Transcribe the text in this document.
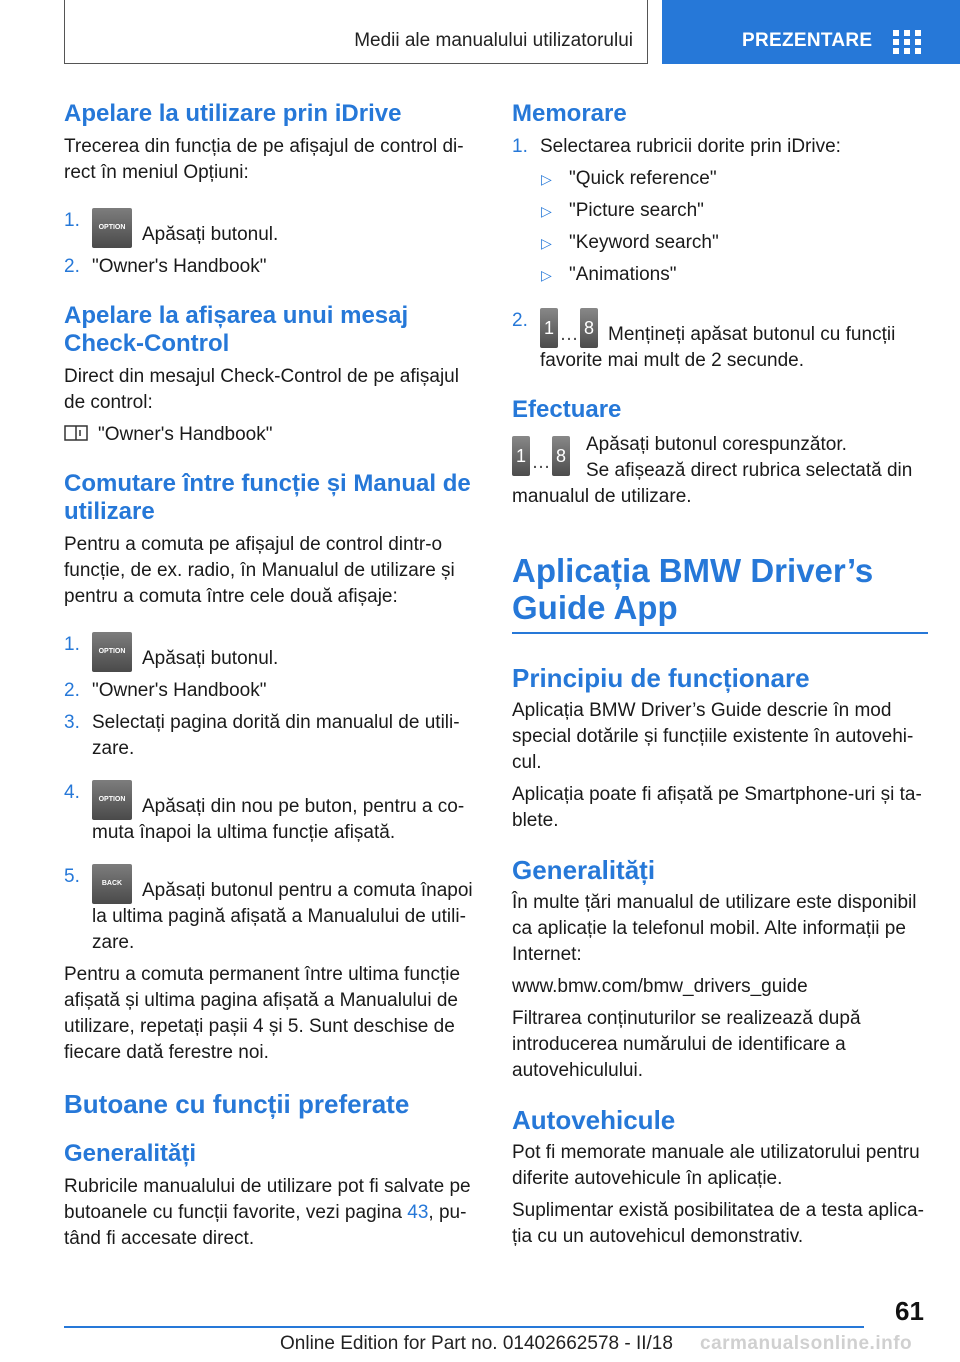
Medii ale manualului utilizatorului	PREZENTARE
Apelare la utilizare prin iDrive
Trecerea din funcția de pe afișajul de control direct în meniul Opțiuni:
1.	OPTION Apăsați butonul.
2. "Owner's Handbook"
Apelare la afișarea unui mesaj Check-Control
Direct din mesajul Check-Control de pe afișajul de control:
"Owner's Handbook"
Comutare între funcție și Manual de utilizare
Pentru a comuta pe afișajul de control dintr-o funcție, de ex. radio, în Manualul de utilizare și pentru a comuta între cele două afișaje:
1.	OPTION Apăsați butonul.
2. "Owner's Handbook"
3. Selectați pagina dorită din manualul de utilizare.
4.	OPTION Apăsați din nou pe buton, pentru a comuta înapoi la ultima funcție afișată.
5.	BACK Apăsați butonul pentru a comuta înapoi la ultima pagină afișată a Manualului de utilizare.
Pentru a comuta permanent între ultima funcție afișată și ultima pagina afișată a Manualului de utilizare, repetați pașii 4 și 5. Sunt deschise de fiecare dată ferestre noi.
Butoane cu funcții preferate
Generalități
Rubricile manualului de utilizare pot fi salvate pe butoanele cu funcții favorite, vezi pagina 43, putând fi accesate direct.
Memorare
1. Selectarea rubricii dorite prin iDrive:
▷ "Quick reference"
▷ "Picture search"
▷ "Keyword search"
▷ "Animations"
2. 1 … 8 Mențineți apăsat butonul cu funcții favorite mai mult de 2 secunde.
Efectuare
1 … 8
Apăsați butonul corespunzător.
Se afișează direct rubrica selectată din manualul de utilizare.
Aplicația BMW Driver’s Guide App
Principiu de funcționare
Aplicația BMW Driver’s Guide descrie în mod special dotările și funcțiile existente în autovehicul.
Aplicația poate fi afișată pe Smartphone-uri și tablete.
Generalități
În multe țări manualul de utilizare este disponibil ca aplicație la telefonul mobil. Alte informații pe Internet:
www.bmw.com/bmw_drivers_guide
Filtrarea conținuturilor se realizează după introducerea numărului de identificare a autovehiculului.
Autovehicule
Pot fi memorate manuale ale utilizatorului pentru diferite autovehicule în aplicație.
Suplimentar există posibilitatea de a testa aplicația cu un autovehicul demonstrativ.
61
Online Edition for Part no. 01402662578 - II/18 carmanualsonline.info
